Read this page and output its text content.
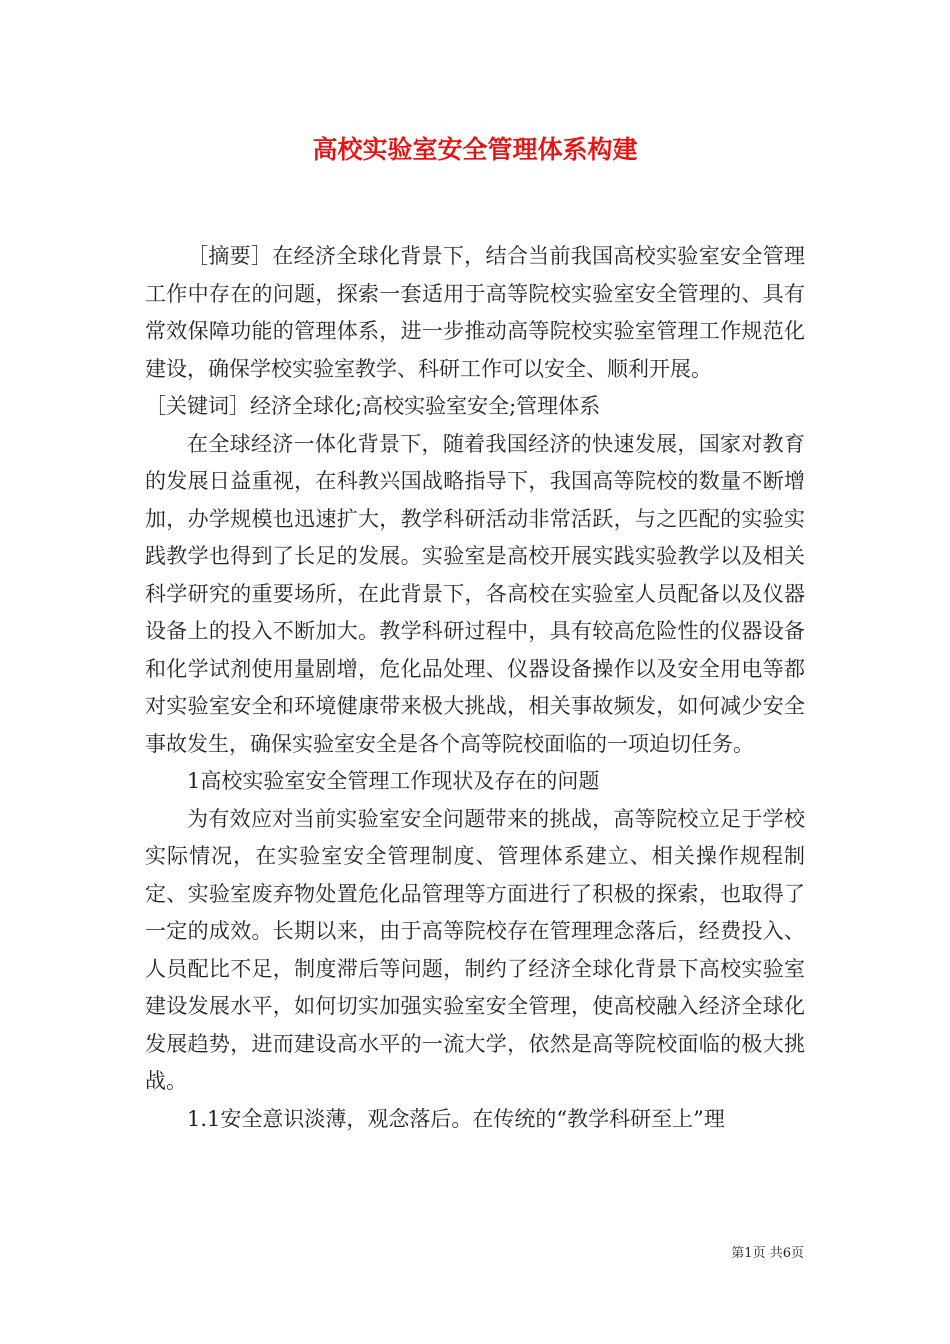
高校实验室安全管理体系构建

［摘要］在经济全球化背景下，结合当前我国高校实验室安全管理工作中存在的问题，探索一套适用于高等院校实验室安全管理的、具有常效保障功能的管理体系，进一步推动高等院校实验室管理工作规范化建设，确保学校实验室教学、科研工作可以安全、顺利开展。

［关键词］经济全球化;高校实验室安全;管理体系

在全球经济一体化背景下，随着我国经济的快速发展，国家对教育的发展日益重视，在科教兴国战略指导下，我国高等院校的数量不断增加，办学规模也迅速扩大，教学科研活动非常活跃，与之匹配的实验实践教学也得到了长足的发展。实验室是高校开展实践实验教学以及相关科学研究的重要场所，在此背景下，各高校在实验室人员配备以及仪器设备上的投入不断加大。教学科研过程中，具有较高危险性的仪器设备和化学试剂使用量剧增，危化品处理、仪器设备操作以及安全用电等都对实验室安全和环境健康带来极大挑战，相关事故频发，如何减少安全事故发生，确保实验室安全是各个高等院校面临的一项迫切任务。

1高校实验室安全管理工作现状及存在的问题

为有效应对当前实验室安全问题带来的挑战，高等院校立足于学校实际情况，在实验室安全管理制度、管理体系建立、相关操作规程制定、实验室废弃物处置危化品管理等方面进行了积极的探索，也取得了一定的成效。长期以来，由于高等院校存在管理理念落后，经费投入、人员配比不足，制度滞后等问题，制约了经济全球化背景下高校实验室建设发展水平，如何切实加强实验室安全管理，使高校融入经济全球化发展趋势，进而建设高水平的一流大学，依然是高等院校面临的极大挑战。

1.1安全意识淡薄，观念落后。在传统的“教学科研至上”理

第1页 共6页
